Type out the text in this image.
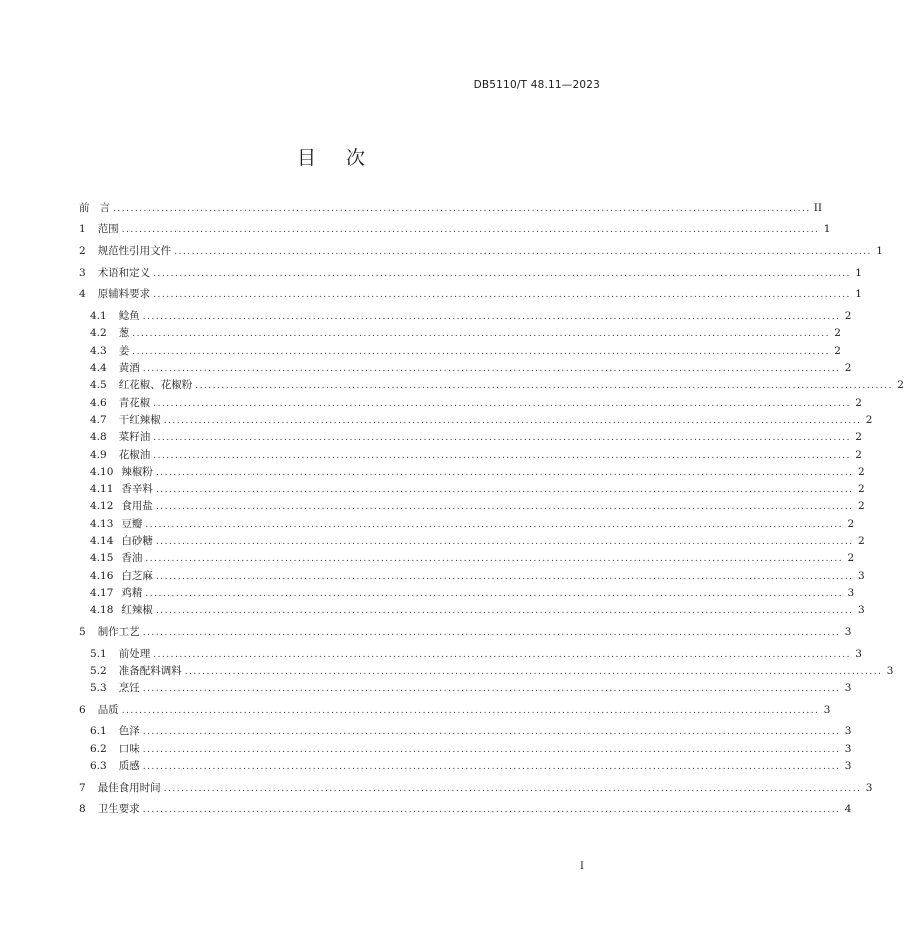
DB5110/T 48.11—2023
目 次
前 言 ................................................................................................................................................................ II
1 范围 ................................................................................................................................................................ 1
2 规范性引用文件 ................................................................................................................................................................ 1
3 术语和定义 ................................................................................................................................................................ 1
4 原辅料要求 ................................................................................................................................................................ 1
4.1 鲶鱼 ................................................................................................................................................................ 2
4.2 葱 ................................................................................................................................................................ 2
4.3 姜 ................................................................................................................................................................ 2
4.4 黄酒 ................................................................................................................................................................ 2
4.5 红花椒、花椒粉 ................................................................................................................................................................ 2
4.6 青花椒 ................................................................................................................................................................ 2
4.7 干红辣椒 ................................................................................................................................................................ 2
4.8 菜籽油 ................................................................................................................................................................ 2
4.9 花椒油 ................................................................................................................................................................ 2
4.10 辣椒粉 ................................................................................................................................................................ 2
4.11 香辛料 ................................................................................................................................................................ 2
4.12 食用盐 ................................................................................................................................................................ 2
4.13 豆瓣 ................................................................................................................................................................ 2
4.14 白砂糖 ................................................................................................................................................................ 2
4.15 香油 ................................................................................................................................................................ 2
4.16 白芝麻 ................................................................................................................................................................ 3
4.17 鸡精 ................................................................................................................................................................ 3
4.18 红辣椒 ................................................................................................................................................................ 3
5 制作工艺 ................................................................................................................................................................ 3
5.1 前处理 ................................................................................................................................................................ 3
5.2 准备配料调料 ................................................................................................................................................................ 3
5.3 烹饪 ................................................................................................................................................................ 3
6 品质 ................................................................................................................................................................ 3
6.1 色泽 ................................................................................................................................................................ 3
6.2 口味 ................................................................................................................................................................ 3
6.3 质感 ................................................................................................................................................................ 3
7 最佳食用时间 ................................................................................................................................................................ 3
8 卫生要求 ................................................................................................................................................................ 4
I
